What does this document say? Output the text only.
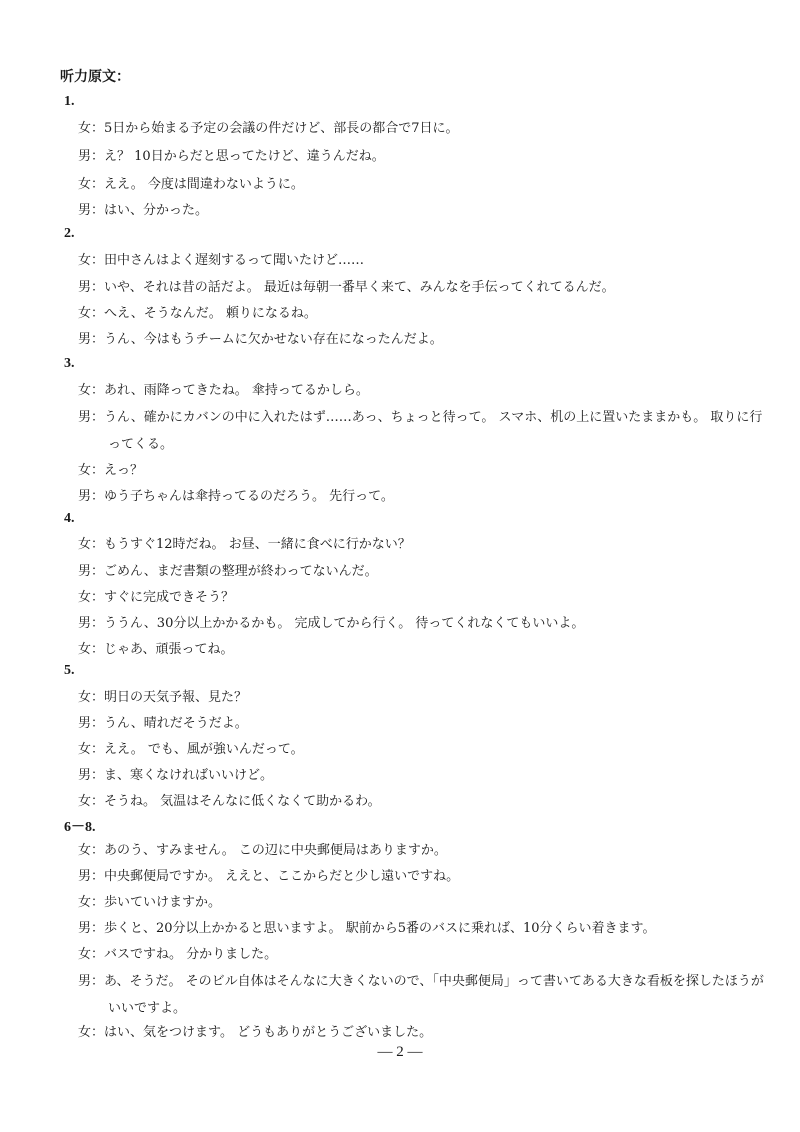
听力原文：
1.
女：5日から始まる予定の会議の件だけど、部長の都合で7日に。
男：え？ 10日からだと思ってたけど、違うんだね。
女：ええ。 今度は間違わないように。
男：はい、分かった。
2.
女：田中さんはよく遅刻するって聞いたけど……
男：いや、それは昔の話だよ。 最近は毎朝一番早く来て、みんなを手伝ってくれてるんだ。
女：へえ、そうなんだ。 頼りになるね。
男：うん、今はもうチームに欠かせない存在になったんだよ。
3.
女：あれ、雨降ってきたね。 傘持ってるかしら。
男：うん、確かにカバンの中に入れたはず……あっ、ちょっと待って。 スマホ、机の上に置いたままかも。 取りに行ってくる。
女：えっ？
男：ゆう子ちゃんは傘持ってるのだろう。 先行って。
4.
女：もうすぐ12時だね。 お昼、一緒に食べに行かない？
男：ごめん、まだ書類の整理が終わってないんだ。
女：すぐに完成できそう？
男：ううん、30分以上かかるかも。 完成してから行く。 待ってくれなくてもいいよ。
女：じゃあ、頑張ってね。
5.
女：明日の天気予報、見た？
男：うん、晴れだそうだよ。
女：ええ。 でも、風が強いんだって。
男：ま、寒くなければいいけど。
女：そうね。 気温はそんなに低くなくて助かるわ。
6－8.
女：あのう、すみません。 この辺に中央郵便局はありますか。
男：中央郵便局ですか。 ええと、ここからだと少し遠いですね。
女：歩いていけますか。
男：歩くと、20分以上かかると思いますよ。 駅前から5番のバスに乗れば、10分くらい着きます。
女：バスですね。 分かりました。
男：あ、そうだ。 そのビル自体はそんなに大きくないので、「中央郵便局」って書いてある大きな看板を探したほうがいいですよ。
女：はい、気をつけます。 どうもありがとうございました。
— 2 —
